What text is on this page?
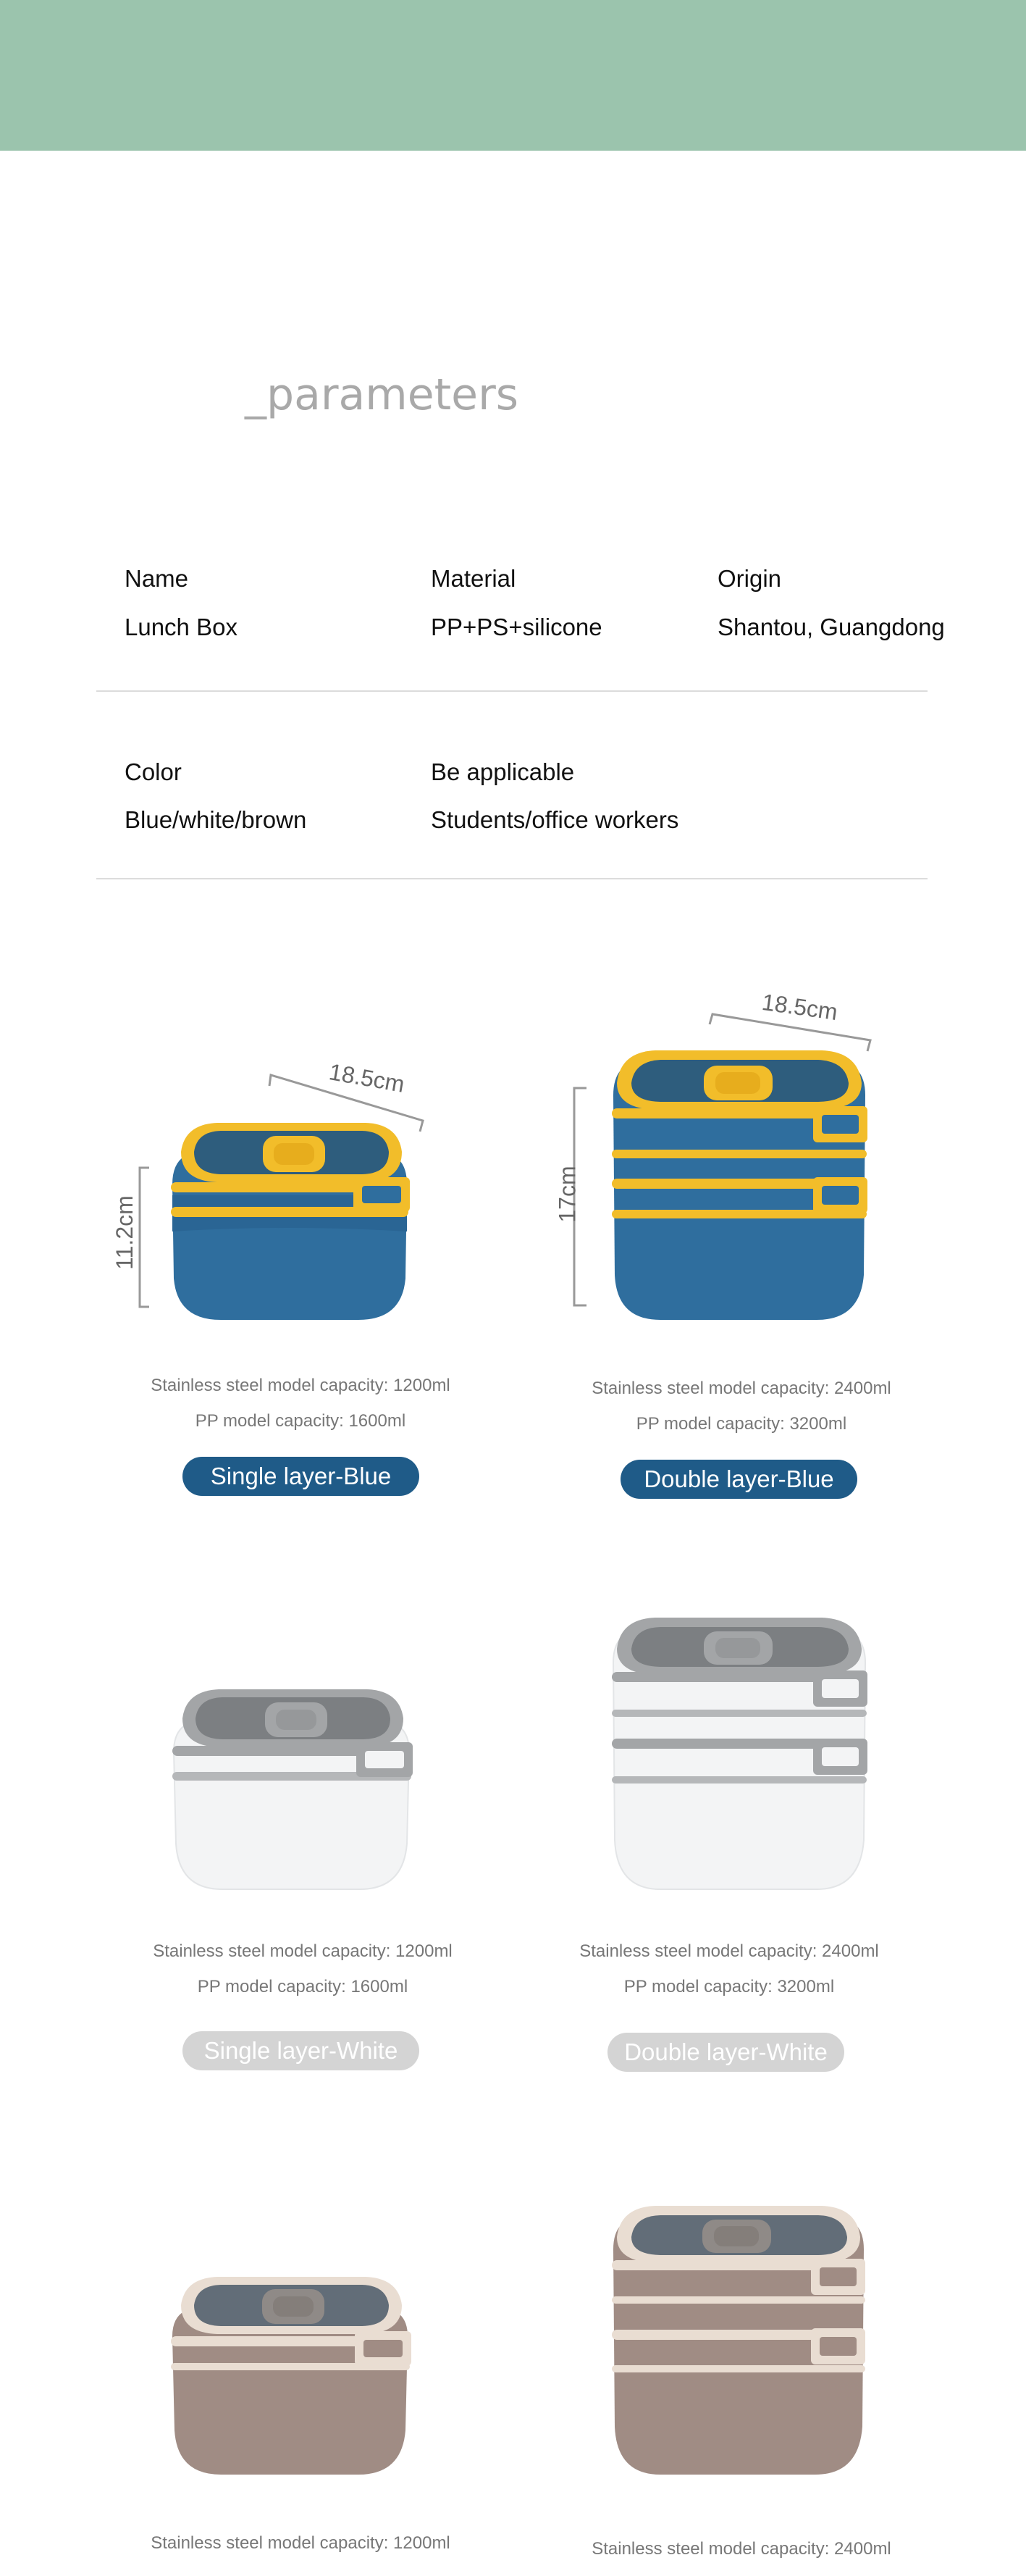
_parameters
Name
Lunch Box
Material
PP+PS+silicone
Origin
Shantou, Guangdong
Color
Blue/white/brown
Be applicable
Students/office workers
18.5cm
11.2cm
Stainless steel model capacity: 1200ml
PP model capacity: 1600ml
Single layer-Blue
18.5cm
17cm
Stainless steel model capacity: 2400ml
PP model capacity: 3200ml
Double layer-Blue
Stainless steel model capacity: 1200ml
PP model capacity: 1600ml
Single layer-White
Stainless steel model capacity: 2400ml
PP model capacity: 3200ml
Double layer-White
Stainless steel model capacity: 1200ml	Stainless steel model capacity: 2400ml
